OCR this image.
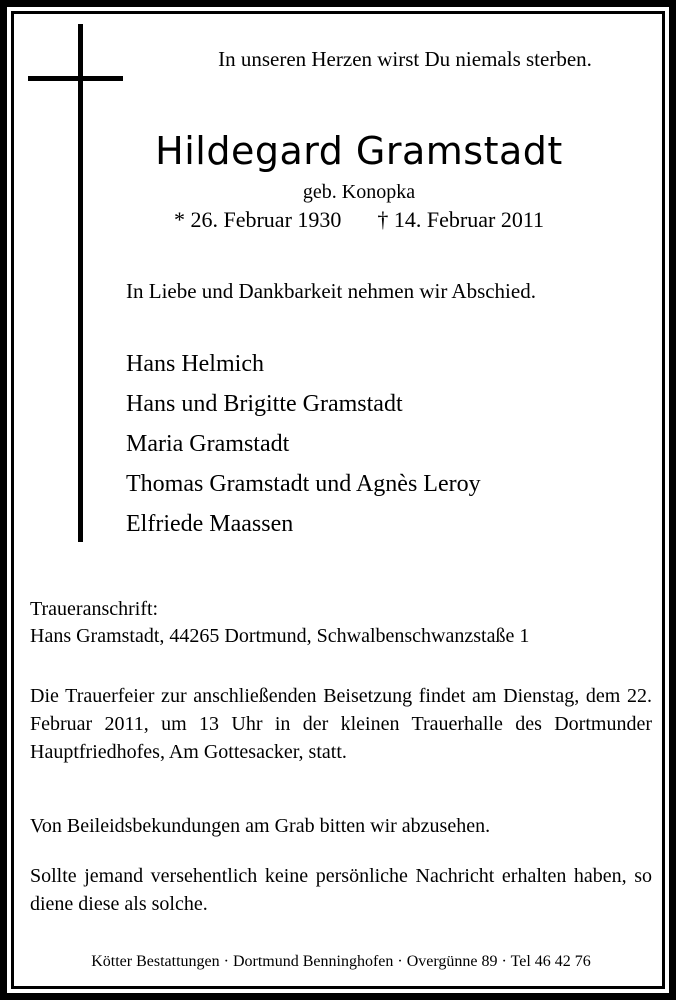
In unseren Herzen wirst Du niemals sterben.
Hildegard Gramstadt
geb. Konopka
* 26. Februar 1930 † 14. Februar 2011
In Liebe und Dankbarkeit nehmen wir Abschied.
Hans Helmich
Hans und Brigitte Gramstadt
Maria Gramstadt
Thomas Gramstadt und Agnès Leroy
Elfriede Maassen
Traueranschrift:
Hans Gramstadt, 44265 Dortmund, Schwalbenschwanzstaße 1
Die Trauerfeier zur anschließenden Beisetzung findet am Dienstag, dem 22. Februar 2011, um 13 Uhr in der kleinen Trauerhalle des Dortmunder Hauptfriedhofes, Am Gottesacker, statt.
Von Beileidsbekundungen am Grab bitten wir abzusehen.
Sollte jemand versehentlich keine persönliche Nachricht erhalten haben, so diene diese als solche.
Kötter Bestattungen · Dortmund Benninghofen · Overgünne 89 · Tel 46 42 76
